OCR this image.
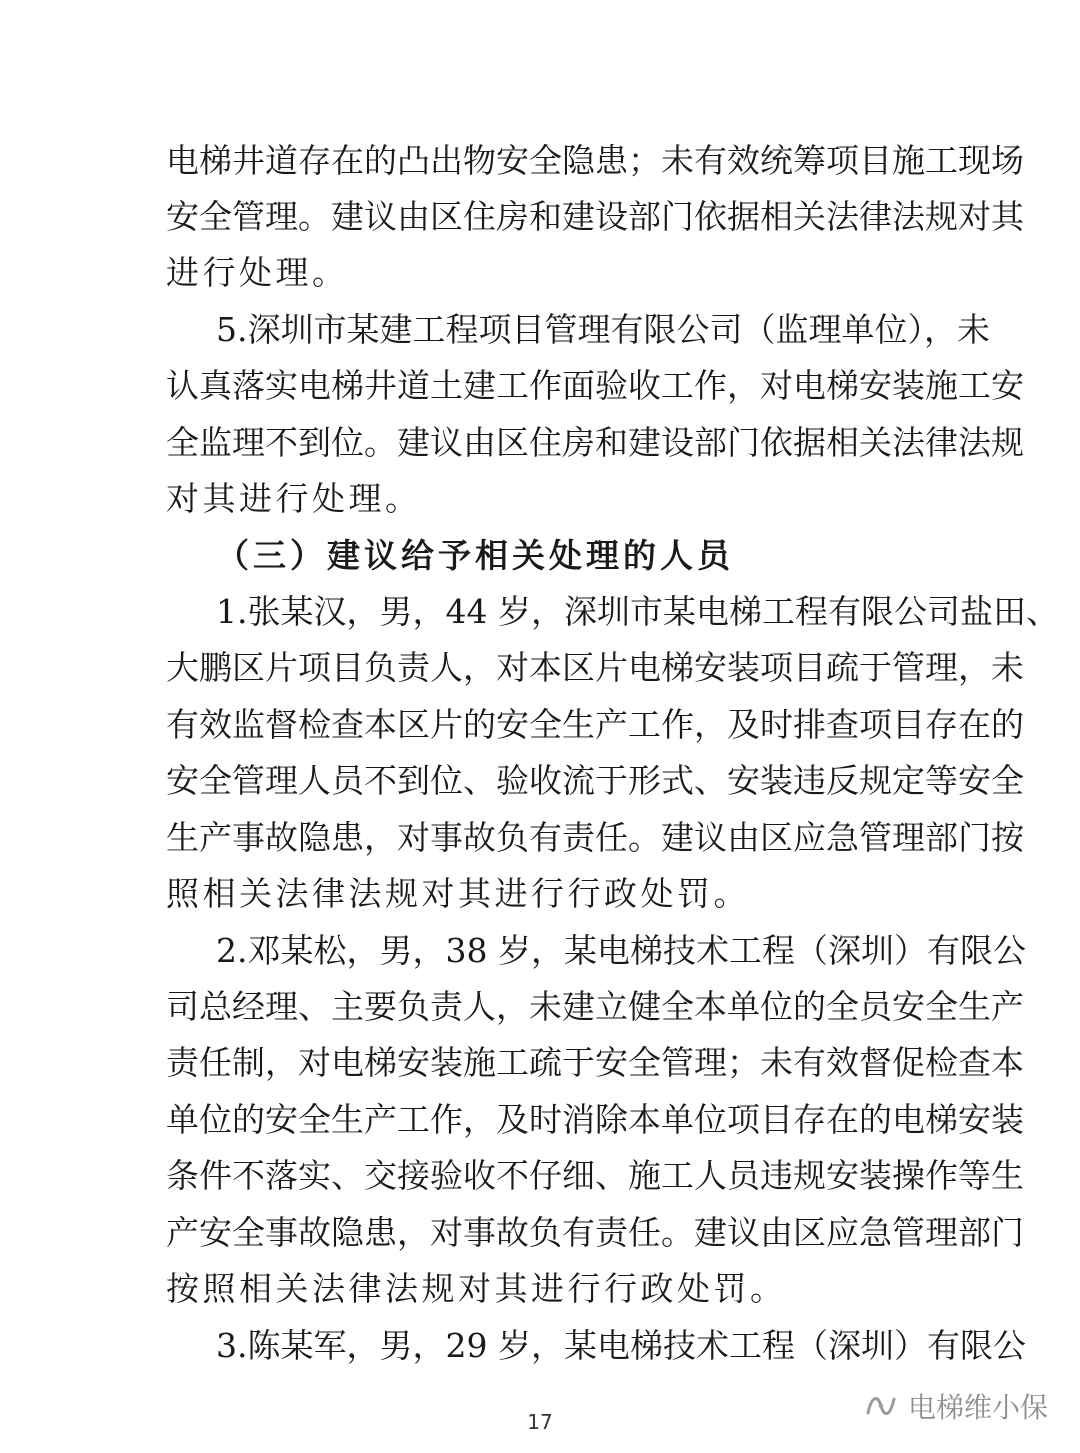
电梯井道存在的凸出物安全隐患；未有效统筹项目施工现场
安全管理。建议由区住房和建设部门依据相关法律法规对其
进行处理。
5.深圳市某建工程项目管理有限公司（监理单位），未
认真落实电梯井道土建工作面验收工作，对电梯安装施工安
全监理不到位。建议由区住房和建设部门依据相关法律法规
对其进行处理。
（三）建议给予相关处理的人员
1.张某汉，男，44 岁，深圳市某电梯工程有限公司盐田、
大鹏区片项目负责人，对本区片电梯安装项目疏于管理，未
有效监督检查本区片的安全生产工作，及时排查项目存在的
安全管理人员不到位、验收流于形式、安装违反规定等安全
生产事故隐患，对事故负有责任。建议由区应急管理部门按
照相关法律法规对其进行行政处罚。
2.邓某松，男，38 岁，某电梯技术工程（深圳）有限公
司总经理、主要负责人，未建立健全本单位的全员安全生产
责任制，对电梯安装施工疏于安全管理；未有效督促检查本
单位的安全生产工作，及时消除本单位项目存在的电梯安装
条件不落实、交接验收不仔细、施工人员违规安装操作等生
产安全事故隐患，对事故负有责任。建议由区应急管理部门
按照相关法律法规对其进行行政处罚。
3.陈某军，男，29 岁，某电梯技术工程（深圳）有限公
17	电梯维小保
